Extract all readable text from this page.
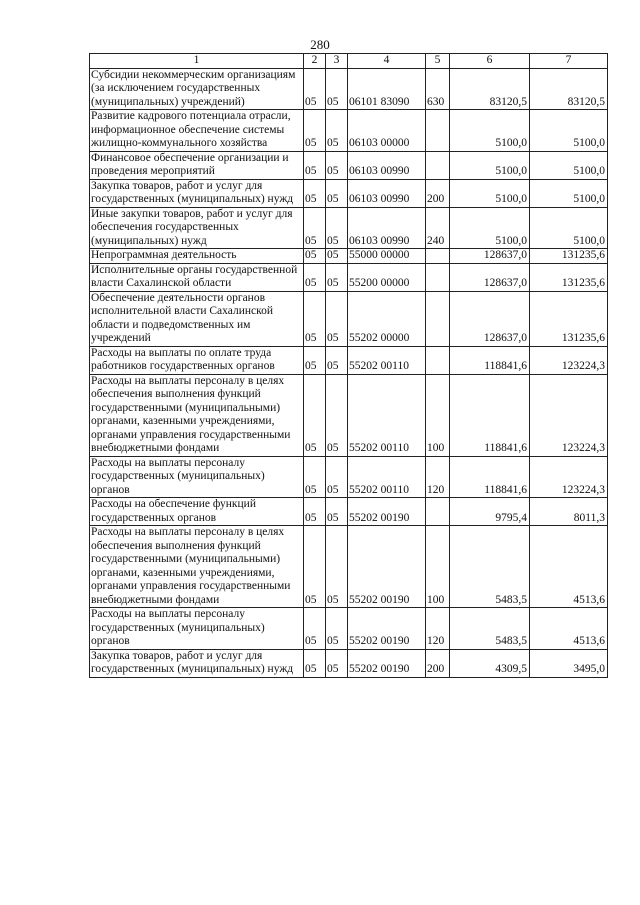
280
1	2	3	4	5	6	7
Субсидии некоммерческим организациям (за исключением государственных (муниципальных) учреждений)	05	05	06101 83090	630	83120,5	83120,5
Развитие кадрового потенциала отрасли, информационное обеспечение системы жилищно-коммунального хозяйства	05	05	06103 00000		5100,0	5100,0
Финансовое обеспечение организации и проведения мероприятий	05	05	06103 00990		5100,0	5100,0
Закупка товаров, работ и услуг для государственных (муниципальных) нужд	05	05	06103 00990	200	5100,0	5100,0
Иные закупки товаров, работ и услуг для обеспечения государственных (муниципальных) нужд	05	05	06103 00990	240	5100,0	5100,0
Непрограммная деятельность	05	05	55000 00000		128637,0	131235,6
Исполнительные органы государственной власти Сахалинской области	05	05	55200 00000		128637,0	131235,6
Обеспечение деятельности органов исполнительной власти Сахалинской области и подведомственных им учреждений	05	05	55202 00000		128637,0	131235,6
Расходы на выплаты по оплате труда работников государственных органов	05	05	55202 00110		118841,6	123224,3
Расходы на выплаты персоналу в целях обеспечения выполнения функций государственными (муниципальными) органами, казенными учреждениями, органами управления государственными внебюджетными фондами	05	05	55202 00110	100	118841,6	123224,3
Расходы на выплаты персоналу государственных (муниципальных) органов	05	05	55202 00110	120	118841,6	123224,3
Расходы на обеспечение функций государственных органов	05	05	55202 00190		9795,4	8011,3
Расходы на выплаты персоналу в целях обеспечения выполнения функций государственными (муниципальными) органами, казенными учреждениями, органами управления государственными внебюджетными фондами	05	05	55202 00190	100	5483,5	4513,6
Расходы на выплаты персоналу государственных (муниципальных) органов	05	05	55202 00190	120	5483,5	4513,6
Закупка товаров, работ и услуг для государственных (муниципальных) нужд	05	05	55202 00190	200	4309,5	3495,0
